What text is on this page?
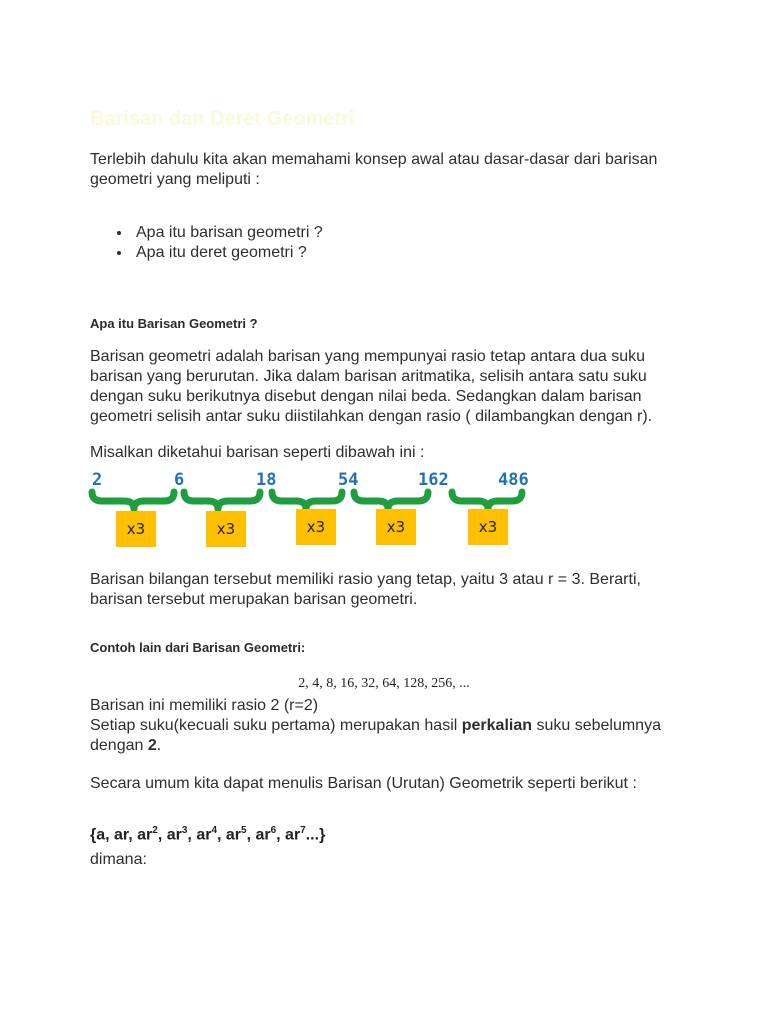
Barisan dan Deret Geometri
Terlebih dahulu kita akan memahami konsep awal atau dasar-dasar dari barisan
geometri yang meliputi :
• Apa itu barisan geometri ?
• Apa itu deret geometri ?
Apa itu Barisan Geometri ?
Barisan geometri adalah barisan yang mempunyai rasio tetap antara dua suku
barisan yang berurutan. Jika dalam barisan aritmatika, selisih antara satu suku
dengan suku berikutnya disebut dengan nilai beda. Sedangkan dalam barisan
geometri selisih antar suku diistilahkan dengan rasio ( dilambangkan dengan r).
Misalkan diketahui barisan seperti dibawah ini :
2	6	18	54	162	486
x3	x3	x3	x3	x3
Barisan bilangan tersebut memiliki rasio yang tetap, yaitu 3 atau r = 3. Berarti,
barisan tersebut merupakan barisan geometri.
Contoh lain dari Barisan Geometri:
2, 4, 8, 16, 32, 64, 128, 256, ...
Barisan ini memiliki rasio 2 (r=2)
Setiap suku(kecuali suku pertama) merupakan hasil perkalian suku sebelumnya
dengan 2.
Secara umum kita dapat menulis Barisan (Urutan) Geometrik seperti berikut :
{a, ar, $ar^2$, $ar^3$, $ar^4$, $ar^5$, $ar^6$, $ar^7$...}
dimana:
